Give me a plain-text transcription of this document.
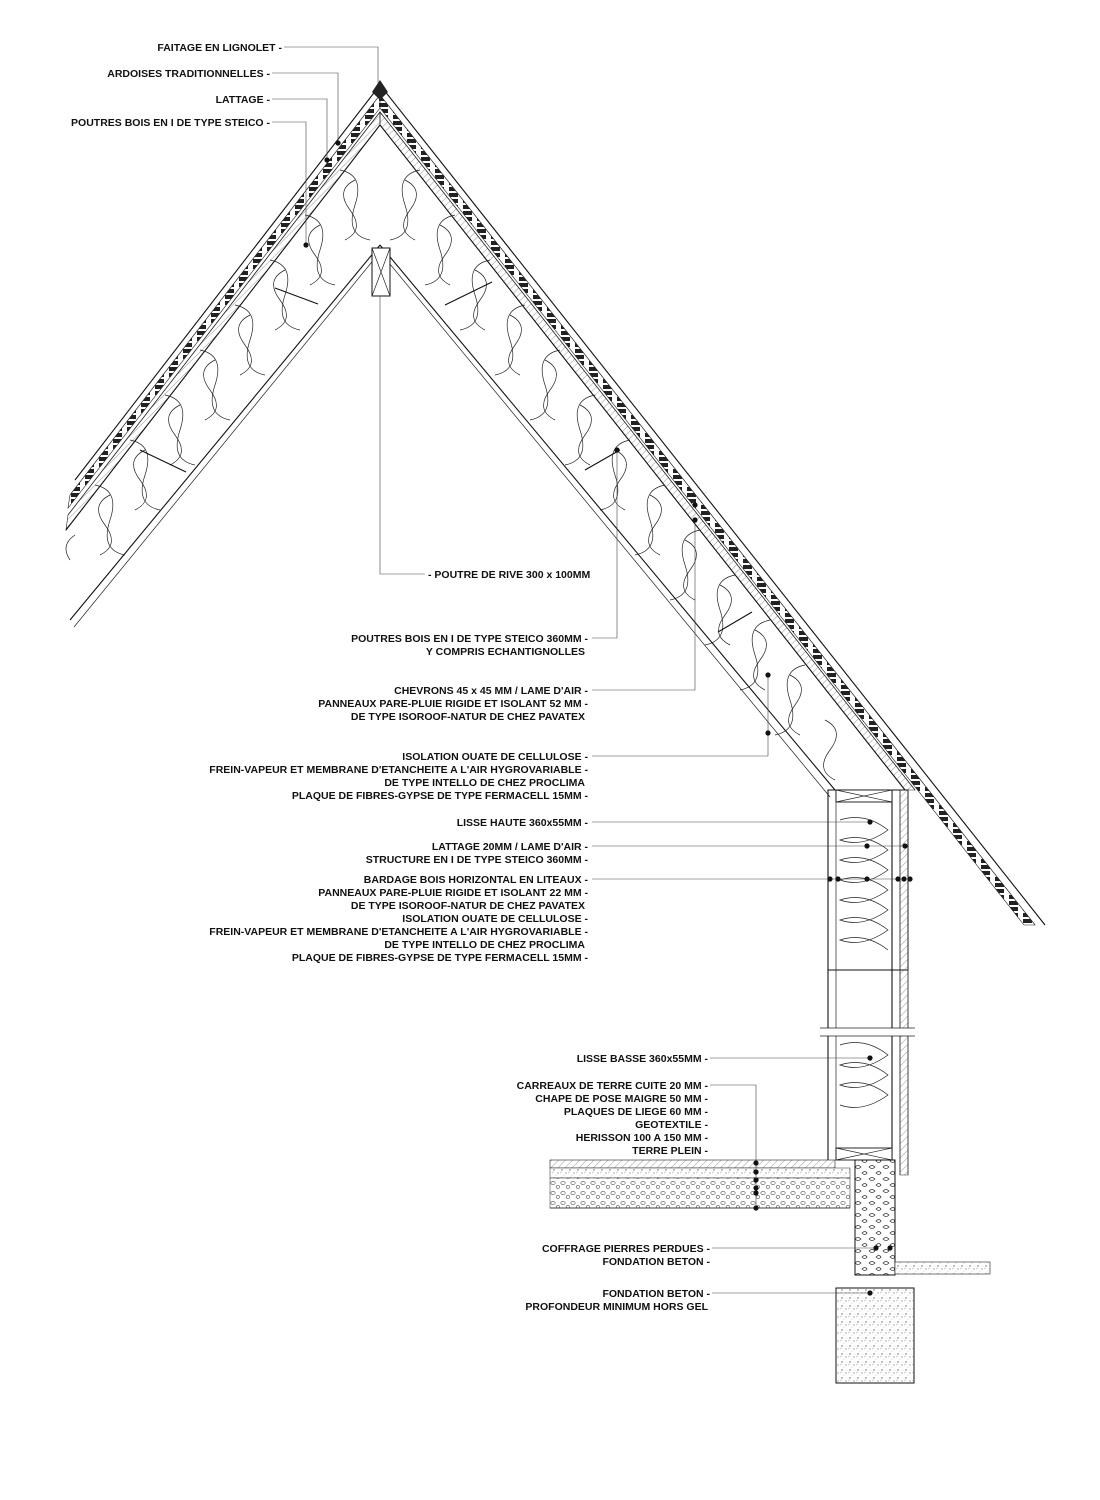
FAITAGE EN LIGNOLET -
ARDOISES TRADITIONNELLES -
LATTAGE -
POUTRES BOIS EN I DE TYPE STEICO -
- POUTRE DE RIVE 300 x 100MM
POUTRES BOIS EN I DE TYPE STEICO 360MM -
Y COMPRIS ECHANTIGNOLLES
CHEVRONS 45 x 45 MM / LAME D'AIR -
PANNEAUX PARE-PLUIE RIGIDE ET ISOLANT 52 MM -
DE TYPE ISOROOF-NATUR DE CHEZ PAVATEX
ISOLATION OUATE DE CELLULOSE -
FREIN-VAPEUR ET MEMBRANE D'ETANCHEITE A L'AIR HYGROVARIABLE -
DE TYPE INTELLO DE CHEZ PROCLIMA
PLAQUE DE FIBRES-GYPSE DE TYPE FERMACELL 15MM -
LISSE HAUTE 360x55MM -
LATTAGE 20MM / LAME D'AIR -
STRUCTURE EN I DE TYPE STEICO 360MM -
BARDAGE BOIS HORIZONTAL EN LITEAUX -
PANNEAUX PARE-PLUIE RIGIDE ET ISOLANT 22 MM -
DE TYPE ISOROOF-NATUR DE CHEZ PAVATEX
ISOLATION OUATE DE CELLULOSE -
FREIN-VAPEUR ET MEMBRANE D'ETANCHEITE A L'AIR HYGROVARIABLE -
DE TYPE INTELLO DE CHEZ PROCLIMA
PLAQUE DE FIBRES-GYPSE DE TYPE FERMACELL 15MM -
LISSE BASSE 360x55MM -
CARREAUX DE TERRE CUITE 20 MM -
CHAPE DE POSE MAIGRE 50 MM -
PLAQUES DE LIEGE 60 MM -
GEOTEXTILE -
HERISSON 100 A 150 MM -
TERRE PLEIN -
COFFRAGE PIERRES PERDUES -
FONDATION BETON -
FONDATION BETON -
PROFONDEUR MINIMUM HORS GEL
